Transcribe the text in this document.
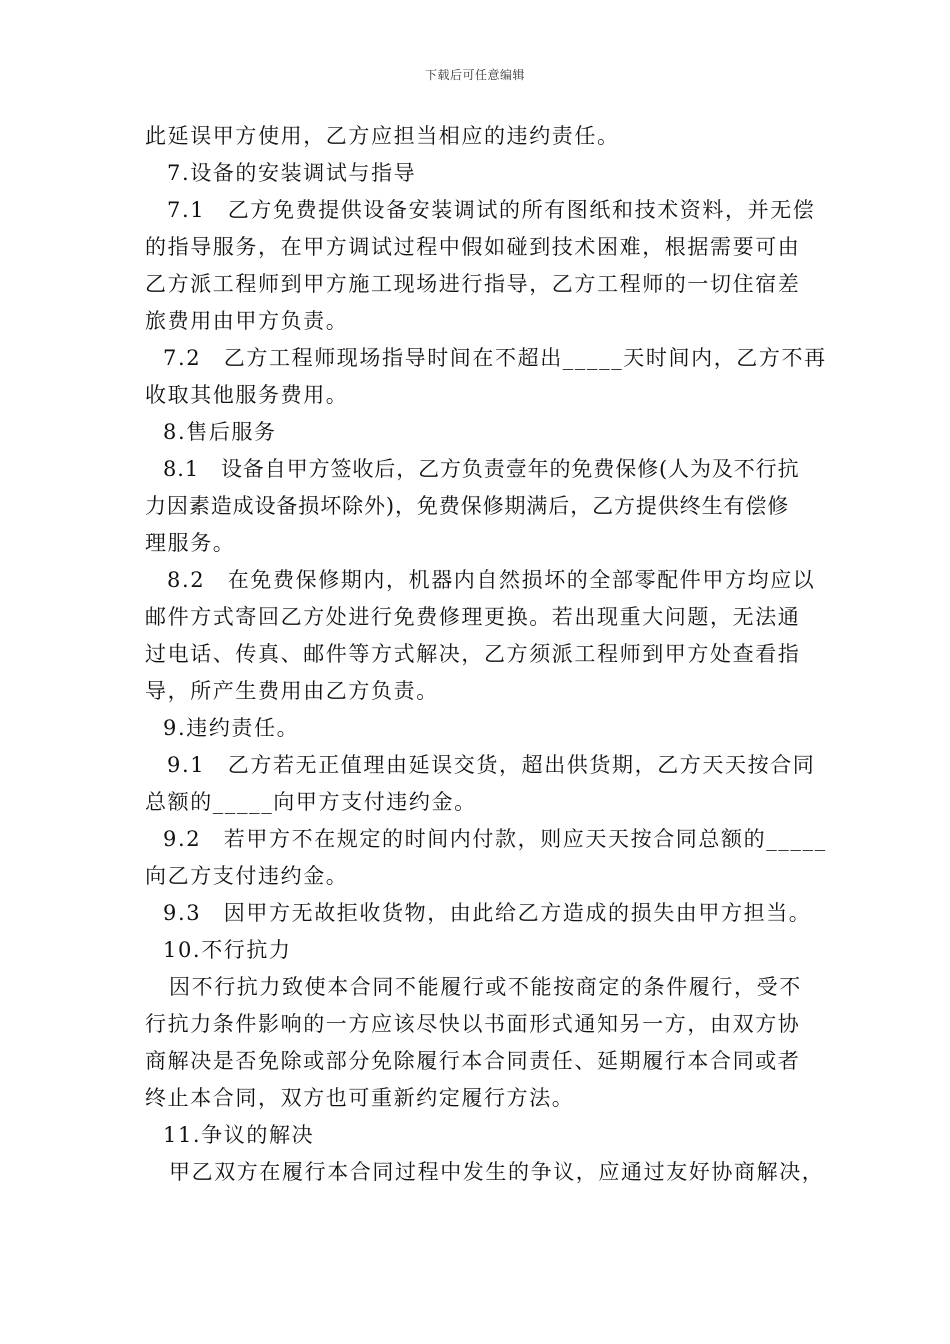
下载后可任意编辑
此延误甲方使用，乙方应担当相应的违约责任。
7.设备的安装调试与指导
7.1　乙方免费提供设备安装调试的所有图纸和技术资料，并无偿
的指导服务，在甲方调试过程中假如碰到技术困难，根据需要可由
乙方派工程师到甲方施工现场进行指导，乙方工程师的一切住宿差
旅费用由甲方负责。
7.2　乙方工程师现场指导时间在不超出_____天时间内，乙方不再
收取其他服务费用。
8.售后服务
8.1　设备自甲方签收后，乙方负责壹年的免费保修(人为及不行抗
力因素造成设备损坏除外)，免费保修期满后，乙方提供终生有偿修
理服务。
8.2　在免费保修期内，机器内自然损坏的全部零配件甲方均应以
邮件方式寄回乙方处进行免费修理更换。若出现重大问题，无法通
过电话、传真、邮件等方式解决，乙方须派工程师到甲方处查看指
导，所产生费用由乙方负责。
9.违约责任。
9.1　乙方若无正值理由延误交货，超出供货期，乙方天天按合同
总额的_____向甲方支付违约金。
9.2　若甲方不在规定的时间内付款，则应天天按合同总额的_____
向乙方支付违约金。
9.3　因甲方无故拒收货物，由此给乙方造成的损失由甲方担当。
10.不行抗力
因不行抗力致使本合同不能履行或不能按商定的条件履行，受不
行抗力条件影响的一方应该尽快以书面形式通知另一方，由双方协
商解决是否免除或部分免除履行本合同责任、延期履行本合同或者
终止本合同，双方也可重新约定履行方法。
11.争议的解决
甲乙双方在履行本合同过程中发生的争议，应通过友好协商解决，
